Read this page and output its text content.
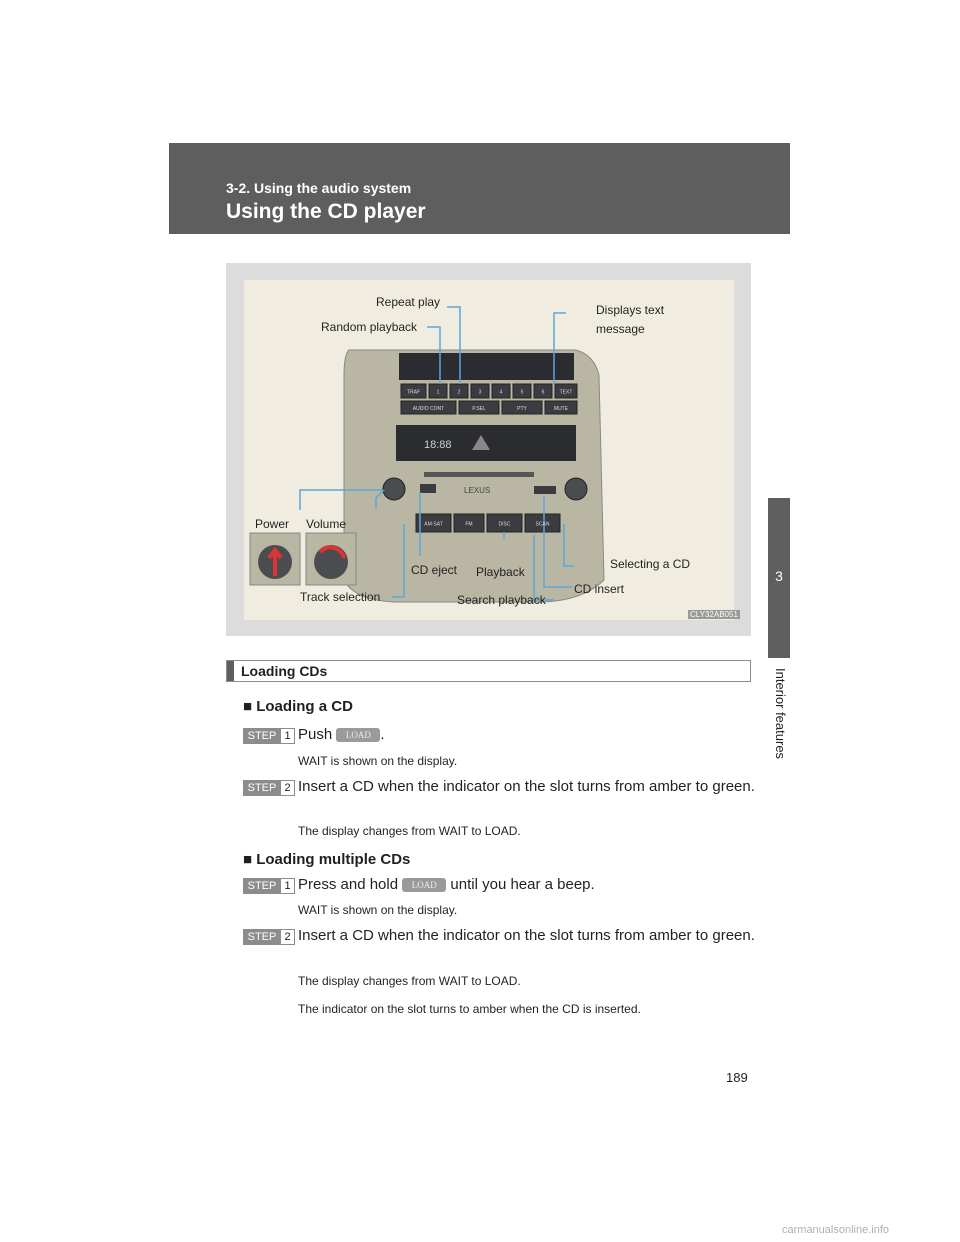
3-2. Using the audio system
Using the CD player
3
Interior features
18:88
LEXUS
TRAF	1	2	3	4	5	6	TEXT
AUDIO CONT	P.SEL	PTY	MUTE
AM·SAT	FM	DISC	SCAN
Repeat play
Random playback
Displays text
message
Power Volume
Selecting a CD
CD eject Playback
CD insert
Track selection	Search playback
CLY32AB051
Loading CDs
■ Loading a CD
STEP 1 Push LOAD .
WAIT is shown on the display.
STEP 2 Insert a CD when the indicator on the slot turns from amber to green.
The display changes from WAIT to LOAD.
■ Loading multiple CDs
STEP 1 Press and hold LOAD until you hear a beep.
WAIT is shown on the display.
STEP 2 Insert a CD when the indicator on the slot turns from amber to green.
The display changes from WAIT to LOAD.
The indicator on the slot turns to amber when the CD is inserted.
189
carmanualsonline.info
